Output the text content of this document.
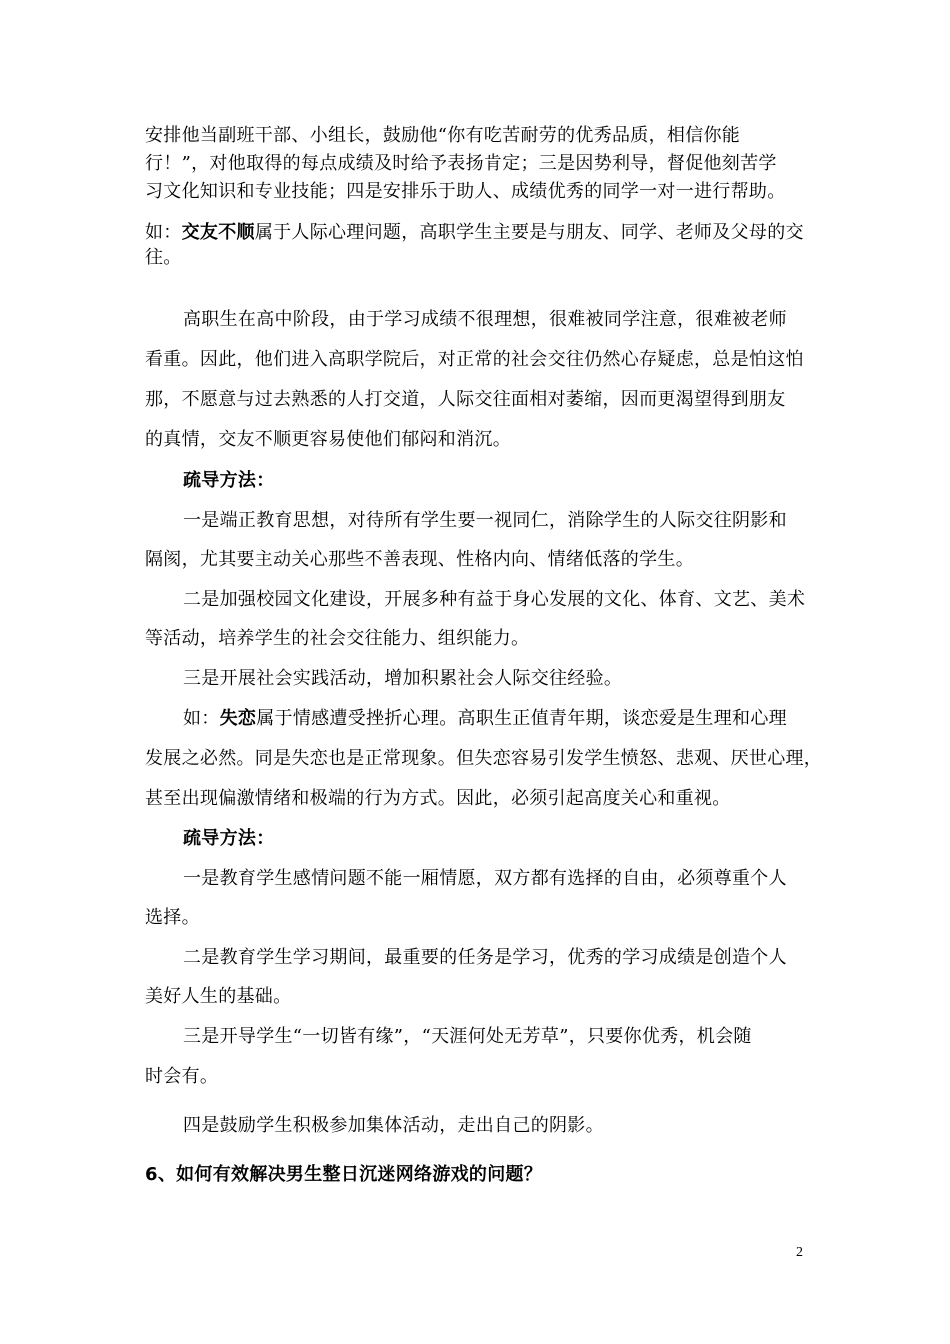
安排他当副班干部、小组长，鼓励他“你有吃苦耐劳的优秀品质，相信你能
行！”，对他取得的每点成绩及时给予表扬肯定；三是因势利导，督促他刻苦学
习文化知识和专业技能；四是安排乐于助人、成绩优秀的同学一对一进行帮助。
如：交友不顺属于人际心理问题，高职学生主要是与朋友、同学、老师及父母的交
往。
高职生在高中阶段，由于学习成绩不很理想，很难被同学注意，很难被老师
看重。因此，他们进入高职学院后，对正常的社会交往仍然心存疑虑，总是怕这怕
那，不愿意与过去熟悉的人打交道，人际交往面相对萎缩，因而更渴望得到朋友
的真情，交友不顺更容易使他们郁闷和消沉。
疏导方法：
一是端正教育思想，对待所有学生要一视同仁，消除学生的人际交往阴影和
隔阂，尤其要主动关心那些不善表现、性格内向、情绪低落的学生。
二是加强校园文化建设，开展多种有益于身心发展的文化、体育、文艺、美术
等活动，培养学生的社会交往能力、组织能力。
三是开展社会实践活动，增加积累社会人际交往经验。
如：失恋属于情感遭受挫折心理。高职生正值青年期，谈恋爱是生理和心理
发展之必然。同是失恋也是正常现象。但失恋容易引发学生愤怒、悲观、厌世心理，
甚至出现偏激情绪和极端的行为方式。因此，必须引起高度关心和重视。
疏导方法：
一是教育学生感情问题不能一厢情愿，双方都有选择的自由，必须尊重个人
选择。
二是教育学生学习期间，最重要的任务是学习，优秀的学习成绩是创造个人
美好人生的基础。
三是开导学生“一切皆有缘”，“天涯何处无芳草”，只要你优秀，机会随
时会有。
四是鼓励学生积极参加集体活动，走出自己的阴影。
6、如何有效解决男生整日沉迷网络游戏的问题？
2
